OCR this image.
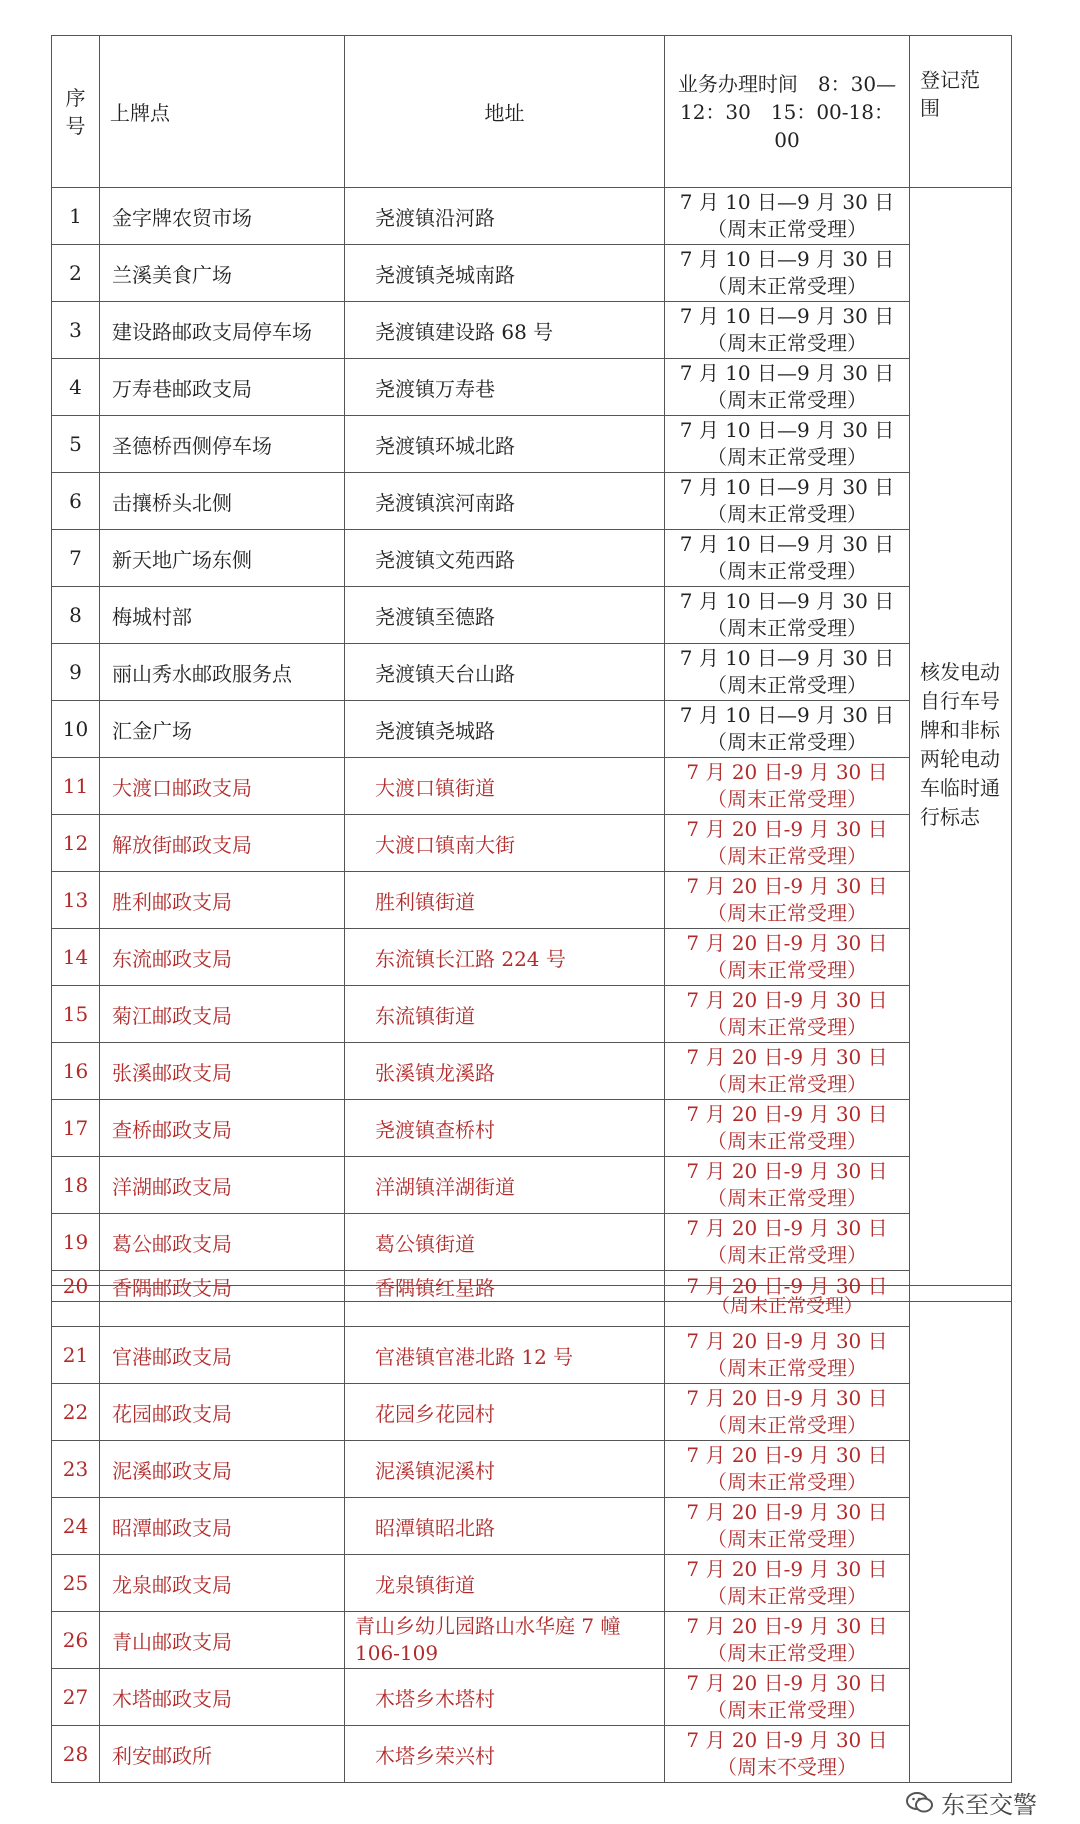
序号	上牌点	地址	业务办理时间　8：30—12：30　15：00-18：00	登记范围
1	金字牌农贸市场	尧渡镇沿河路	7 月 10 日—9 月 30 日
（周末正常受理）	核发电动自行车号牌和非标两轮电动车临时通行标志
2	兰溪美食广场	尧渡镇尧城南路	7 月 10 日—9 月 30 日
（周末正常受理）	

3	建设路邮政支局停车场	尧渡镇建设路 68 号	7 月 10 日—9 月 30 日
（周末正常受理）	

4	万寿巷邮政支局	尧渡镇万寿巷	7 月 10 日—9 月 30 日
（周末正常受理）	

5	圣德桥西侧停车场	尧渡镇环城北路	7 月 10 日—9 月 30 日
（周末正常受理）	

6	击攘桥头北侧	尧渡镇滨河南路	7 月 10 日—9 月 30 日
（周末正常受理）	

7	新天地广场东侧	尧渡镇文苑西路	7 月 10 日—9 月 30 日
（周末正常受理）	

8	梅城村部	尧渡镇至德路	7 月 10 日—9 月 30 日
（周末正常受理）	

9	丽山秀水邮政服务点	尧渡镇天台山路	7 月 10 日—9 月 30 日
（周末正常受理）	

10	汇金广场	尧渡镇尧城路	7 月 10 日—9 月 30 日
（周末正常受理）	

11	大渡口邮政支局	大渡口镇街道	7 月 20 日-9 月 30 日
（周末正常受理）	

12	解放街邮政支局	大渡口镇南大街	7 月 20 日-9 月 30 日
（周末正常受理）	

13	胜利邮政支局	胜利镇街道	7 月 20 日-9 月 30 日
（周末正常受理）	

14	东流邮政支局	东流镇长江路 224 号	7 月 20 日-9 月 30 日
（周末正常受理）	

15	菊江邮政支局	东流镇街道	7 月 20 日-9 月 30 日
（周末正常受理）	

16	张溪邮政支局	张溪镇龙溪路	7 月 20 日-9 月 30 日
（周末正常受理）	

17	查桥邮政支局	尧渡镇查桥村	7 月 20 日-9 月 30 日
（周末正常受理）	

18	洋湖邮政支局	洋湖镇洋湖街道	7 月 20 日-9 月 30 日
（周末正常受理）	

19	葛公邮政支局	葛公镇街道	7 月 20 日-9 月 30 日
（周末正常受理）	

20	香隅邮政支局	香隅镇红星路	7 月 20 日-9 月 30 日	
			（周末正常受理）	
21	官港邮政支局	官港镇官港北路 12 号	7 月 20 日-9 月 30 日
（周末正常受理）	

22	花园邮政支局	花园乡花园村	7 月 20 日-9 月 30 日
（周末正常受理）	

23	泥溪邮政支局	泥溪镇泥溪村	7 月 20 日-9 月 30 日
（周末正常受理）	

24	昭潭邮政支局	昭潭镇昭北路	7 月 20 日-9 月 30 日
（周末正常受理）	

25	龙泉邮政支局	龙泉镇街道	7 月 20 日-9 月 30 日
（周末正常受理）	

26	青山邮政支局	青山乡幼儿园路山水华庭 7 幢 106-109	7 月 20 日-9 月 30 日
（周末正常受理）	

27	木塔邮政支局	木塔乡木塔村	7 月 20 日-9 月 30 日
（周末正常受理）	

28	利安邮政所	木塔乡荣兴村	7 月 20 日-9 月 30 日
（周末不受理）	
东至交警
